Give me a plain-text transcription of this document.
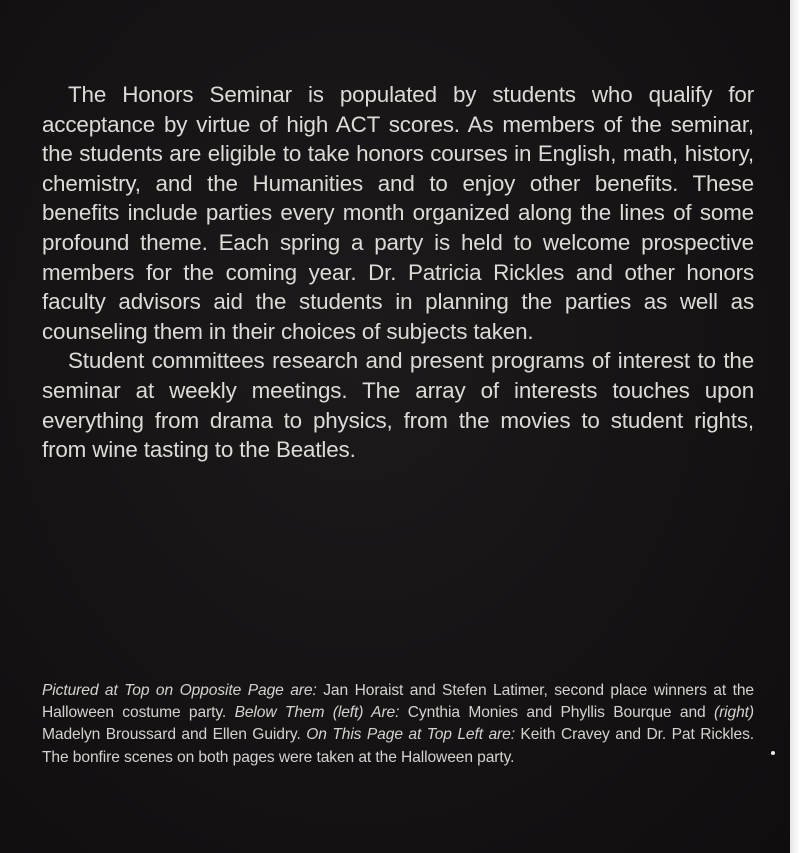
The Honors Seminar is populated by students who qualify for acceptance by virtue of high ACT scores. As members of the seminar, the students are eligible to take honors courses in English, math, history, chemistry, and the Humanities and to enjoy other benefits. These benefits include parties every month organized along the lines of some profound theme. Each spring a party is held to welcome prospective members for the coming year. Dr. Patricia Rickles and other honors faculty advisors aid the students in planning the parties as well as counseling them in their choices of subjects taken.

Student committees research and present programs of interest to the seminar at weekly meetings. The array of interests touches upon everything from drama to physics, from the movies to student rights, from wine tasting to the Beatles.

Pictured at Top on Opposite Page are: Jan Horaist and Stefen Latimer, second place winners at the Halloween costume party. Below Them (left) Are: Cynthia Monies and Phyllis Bourque and (right) Madelyn Broussard and Ellen Guidry. On This Page at Top Left are: Keith Cravey and Dr. Pat Rickles. The bonfire scenes on both pages were taken at the Halloween party.
